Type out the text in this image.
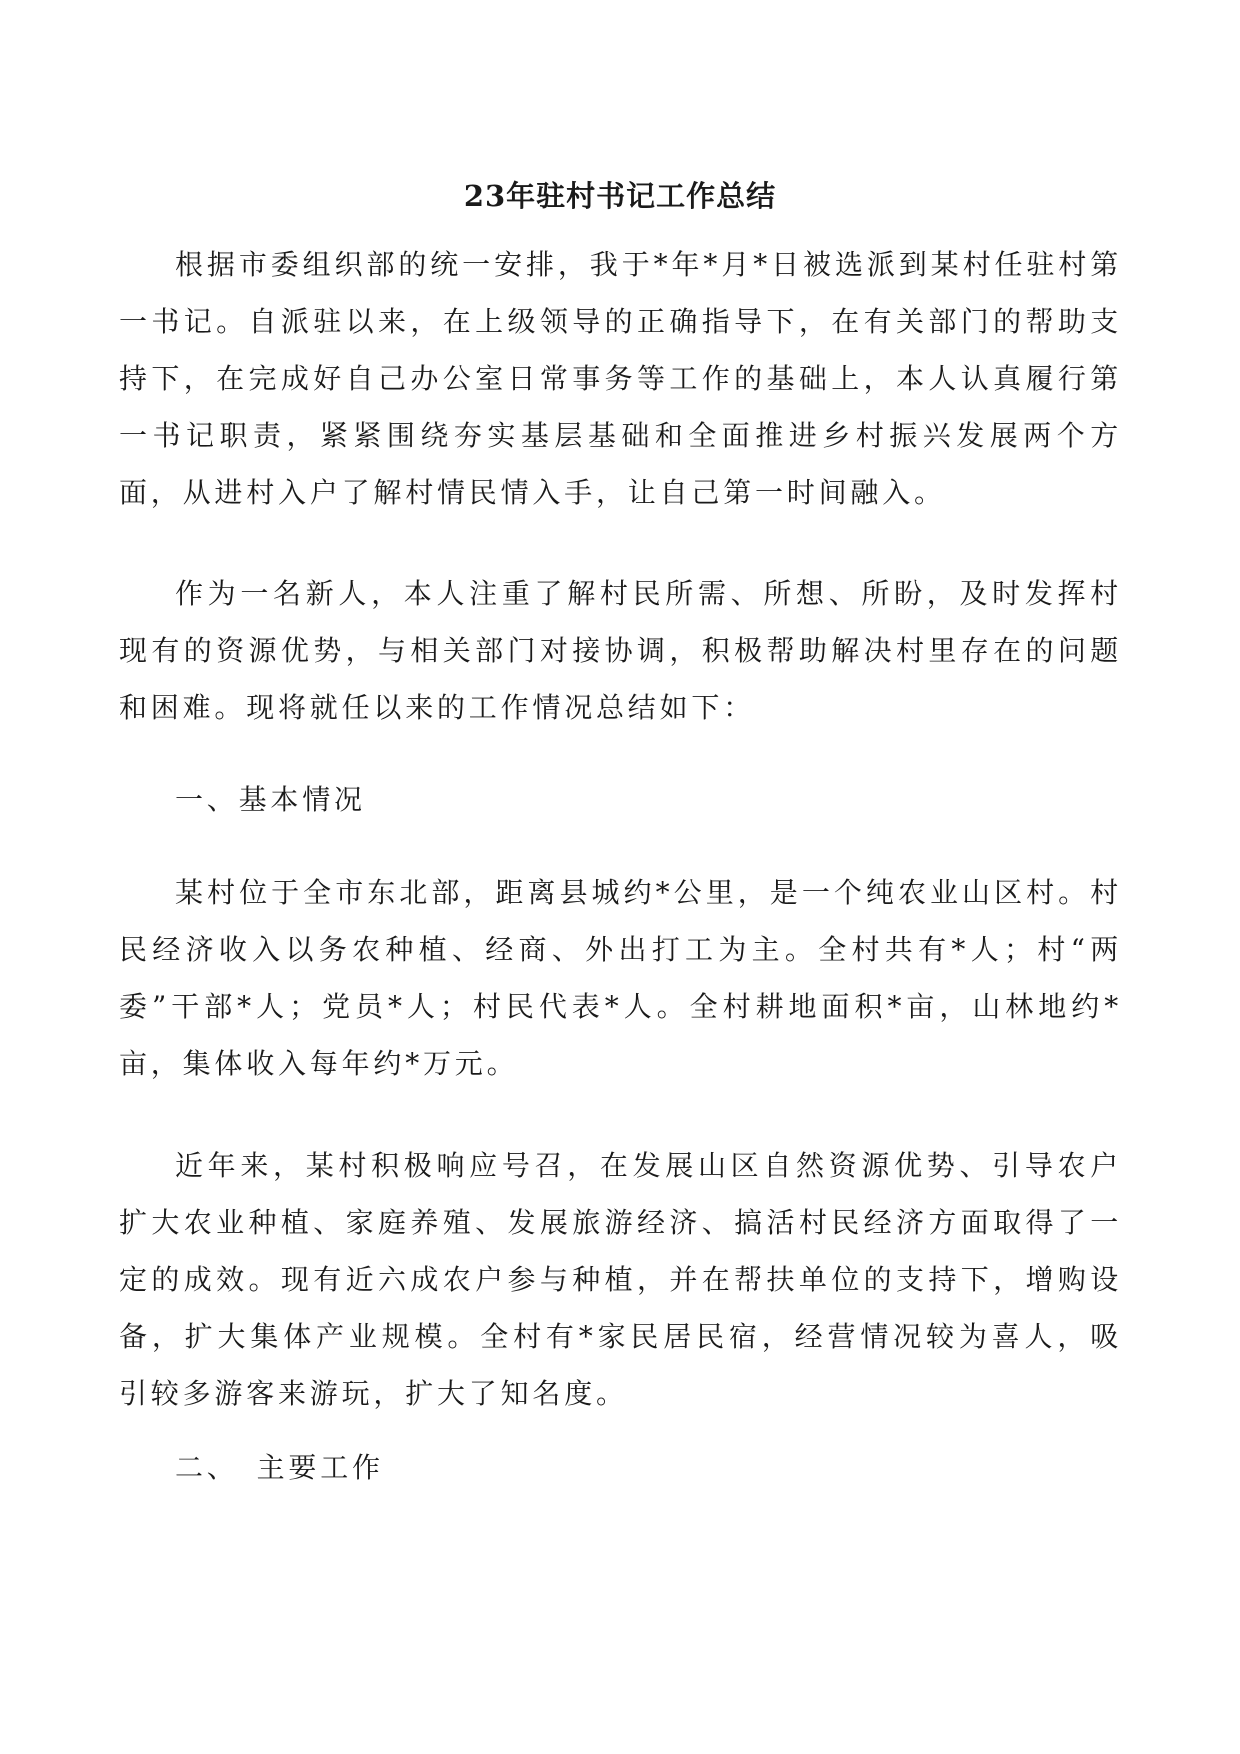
23年驻村书记工作总结

根据市委组织部的统一安排，我于*年*月*日被选派到某村任驻村第一书记。自派驻以来，在上级领导的正确指导下，在有关部门的帮助支持下，在完成好自己办公室日常事务等工作的基础上，本人认真履行第一书记职责，紧紧围绕夯实基层基础和全面推进乡村振兴发展两个方面，从进村入户了解村情民情入手，让自己第一时间融入。

作为一名新人，本人注重了解村民所需、所想、所盼，及时发挥村现有的资源优势，与相关部门对接协调，积极帮助解决村里存在的问题和困难。现将就任以来的工作情况总结如下：

一、基本情况

某村位于全市东北部，距离县城约*公里，是一个纯农业山区村。村民经济收入以务农种植、经商、外出打工为主。全村共有*人；村“两委”干部*人；党员*人；村民代表*人。全村耕地面积*亩，山林地约*亩，集体收入每年约*万元。

近年来，某村积极响应号召，在发展山区自然资源优势、引导农户扩大农业种植、家庭养殖、发展旅游经济、搞活村民经济方面取得了一定的成效。现有近六成农户参与种植，并在帮扶单位的支持下，增购设备，扩大集体产业规模。全村有*家民居民宿，经营情况较为喜人，吸引较多游客来游玩，扩大了知名度。

二、 主要工作
